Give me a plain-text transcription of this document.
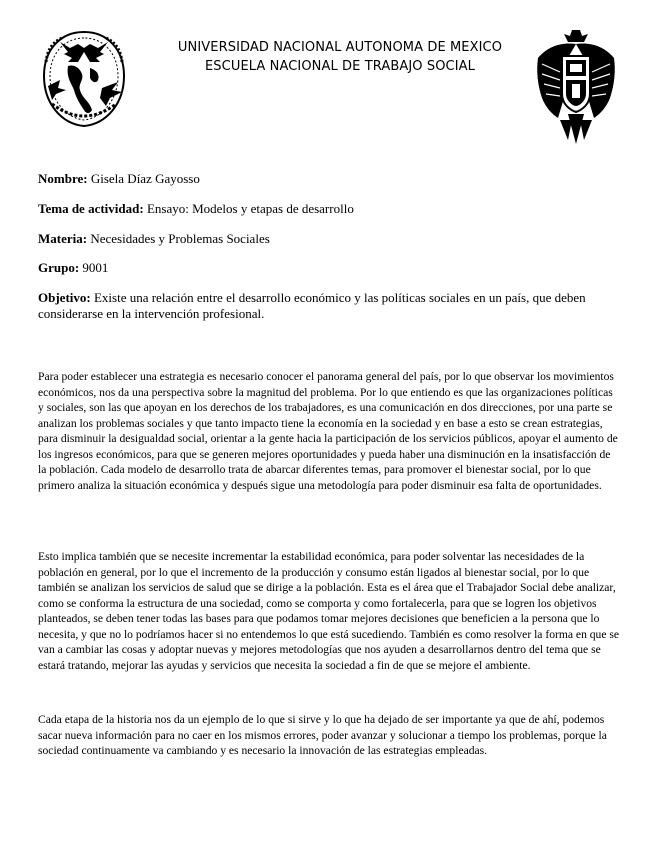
UNIVERSIDAD NACIONAL AUTONOMA DE MEXICO
ESCUELA NACIONAL DE TRABAJO SOCIAL
Nombre: Gisela Díaz Gayosso
Tema de actividad: Ensayo: Modelos y etapas de desarrollo
Materia: Necesidades y Problemas Sociales
Grupo: 9001
Objetivo: Existe una relación entre el desarrollo económico y las políticas sociales en un país, que deben considerarse en la intervención profesional.

Para poder establecer una estrategia es necesario conocer el panorama general del país, por lo que observar los movimientos económicos, nos da una perspectiva sobre la magnitud del problema. Por lo que entiendo es que las organizaciones políticas y sociales, son las que apoyan en los derechos de los trabajadores, es una comunicación en dos direcciones, por una parte se analizan los problemas sociales y que tanto impacto tiene la economía en la sociedad y en base a esto se crean estrategias, para disminuir la desigualdad social, orientar a la gente hacia la participación de los servicios públicos, apoyar el aumento de los ingresos económicos, para que se generen mejores oportunidades y pueda haber una disminución en la insatisfacción de la población. Cada modelo de desarrollo trata de abarcar diferentes temas, para promover el bienestar social, por lo que primero analiza la situación económica y después sigue una metodología para poder disminuir esa falta de oportunidades.

Esto implica también que se necesite incrementar la estabilidad económica, para poder solventar las necesidades de la población en general, por lo que el incremento de la producción y consumo están ligados al bienestar social, por lo que también se analizan los servicios de salud que se dirige a la población. Esta es el área que el Trabajador Social debe analizar, como se conforma la estructura de una sociedad, como se comporta y como fortalecerla, para que se logren los objetivos planteados, se deben tener todas las bases para que podamos tomar mejores decisiones que beneficien a la persona que lo necesita, y que no lo podríamos hacer si no entendemos lo que está sucediendo. También es como resolver la forma en que se van a cambiar las cosas y adoptar nuevas y mejores metodologías que nos ayuden a desarrollarnos dentro del tema que se estará tratando, mejorar las ayudas y servicios que necesita la sociedad a fin de que se mejore el ambiente.

Cada etapa de la historia nos da un ejemplo de lo que si sirve y lo que ha dejado de ser importante ya que de ahí, podemos sacar nueva información para no caer en los mismos errores, poder avanzar y solucionar a tiempo los problemas, porque la sociedad continuamente va cambiando y es necesario la innovación de las estrategias empleadas.
